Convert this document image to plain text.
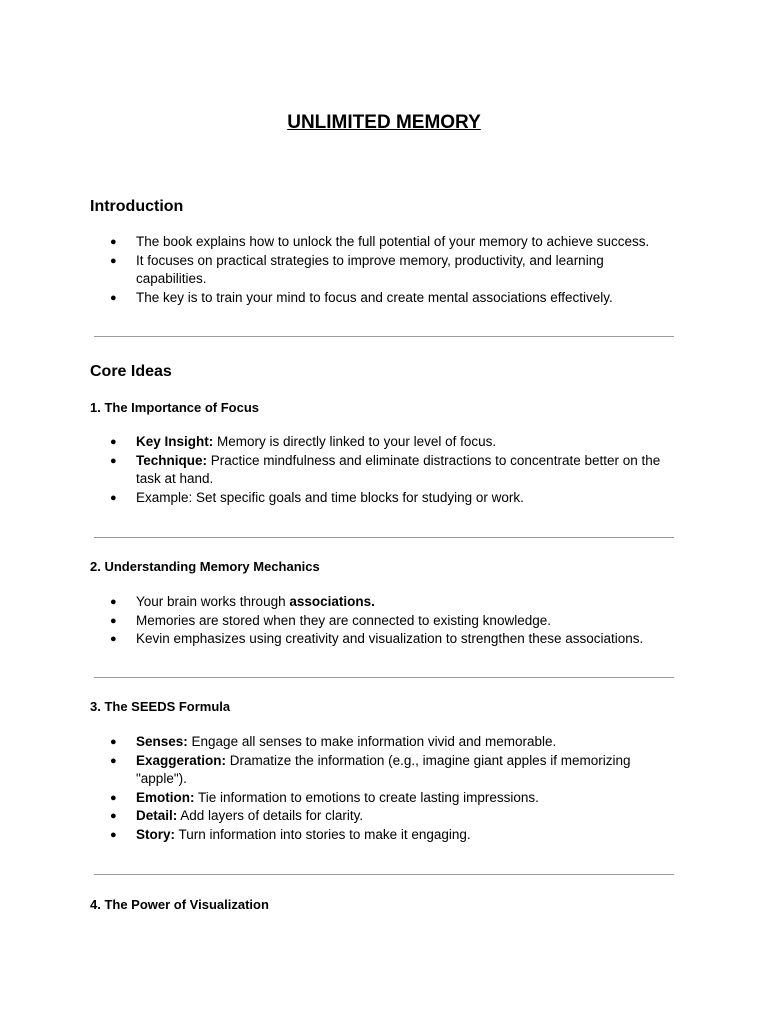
UNLIMITED MEMORY
Introduction
● The book explains how to unlock the full potential of your memory to achieve success.
● It focuses on practical strategies to improve memory, productivity, and learning capabilities.
● The key is to train your mind to focus and create mental associations effectively.
Core Ideas
1. The Importance of Focus
● Key Insight: Memory is directly linked to your level of focus.
● Technique: Practice mindfulness and eliminate distractions to concentrate better on the task at hand.
● Example: Set specific goals and time blocks for studying or work.
2. Understanding Memory Mechanics
● Your brain works through associations.
● Memories are stored when they are connected to existing knowledge.
● Kevin emphasizes using creativity and visualization to strengthen these associations.
3. The SEEDS Formula
● Senses: Engage all senses to make information vivid and memorable.
● Exaggeration: Dramatize the information (e.g., imagine giant apples if memorizing "apple").
● Emotion: Tie information to emotions to create lasting impressions.
● Detail: Add layers of details for clarity.
● Story: Turn information into stories to make it engaging.
4. The Power of Visualization
